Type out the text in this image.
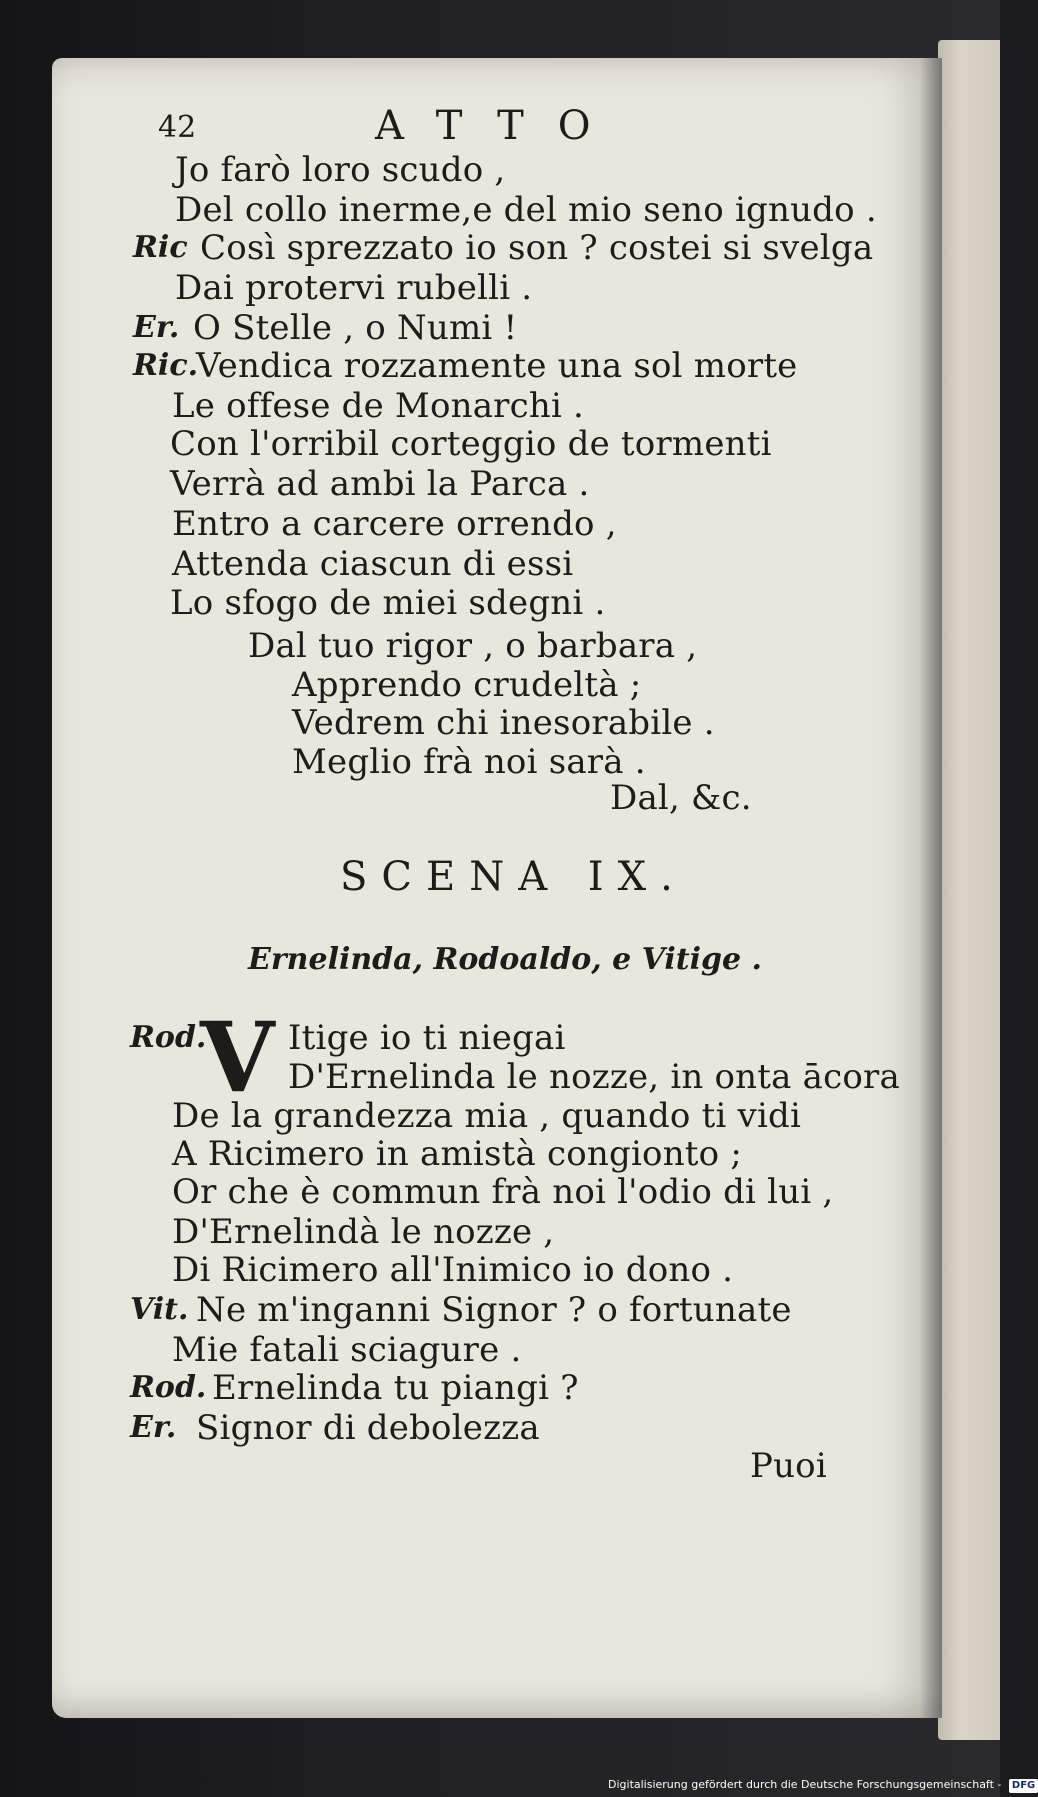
42	ATTO
Jo farò loro scudo ,
Del collo inerme,e del mio seno ignudo .
Ric Così sprezzato io son ? costei si svelga
Dai protervi rubelli .
Er. O Stelle , o Numi !
Ric.
Vendica rozzamente una sol morte
Le offese de Monarchi .
Con l'orribil corteggio de tormenti
Verrà ad ambi la Parca .
Entro a carcere orrendo ,
Attenda ciascun di essi
Lo sfogo de miei sdegni .
Dal tuo rigor , o barbara ,
Apprendo crudeltà ;
Vedrem chi inesorabile .
Meglio frà noi sarà .
Dal, &c.
SCENA IX.
Ernelinda, Rodoaldo, e Vitige .
Rod.
V Itige io ti niegai
D'Ernelinda le nozze, in onta ācora
De la grandezza mia , quando ti vidi
A Ricimero in amistà congionto ;
Or che è commun frà noi l'odio di lui ,
D'Ernelindà le nozze ,
Di Ricimero all'Inimico io dono .
Vit. Ne m'inganni Signor ? o fortunate
Mie fatali sciagure .
Rod. Ernelinda tu piangi ?
Er. Signor di debolezza
Puoi
Digitalisierung gefördert durch die Deutsche Forschungsgemeinschaft - DFG
